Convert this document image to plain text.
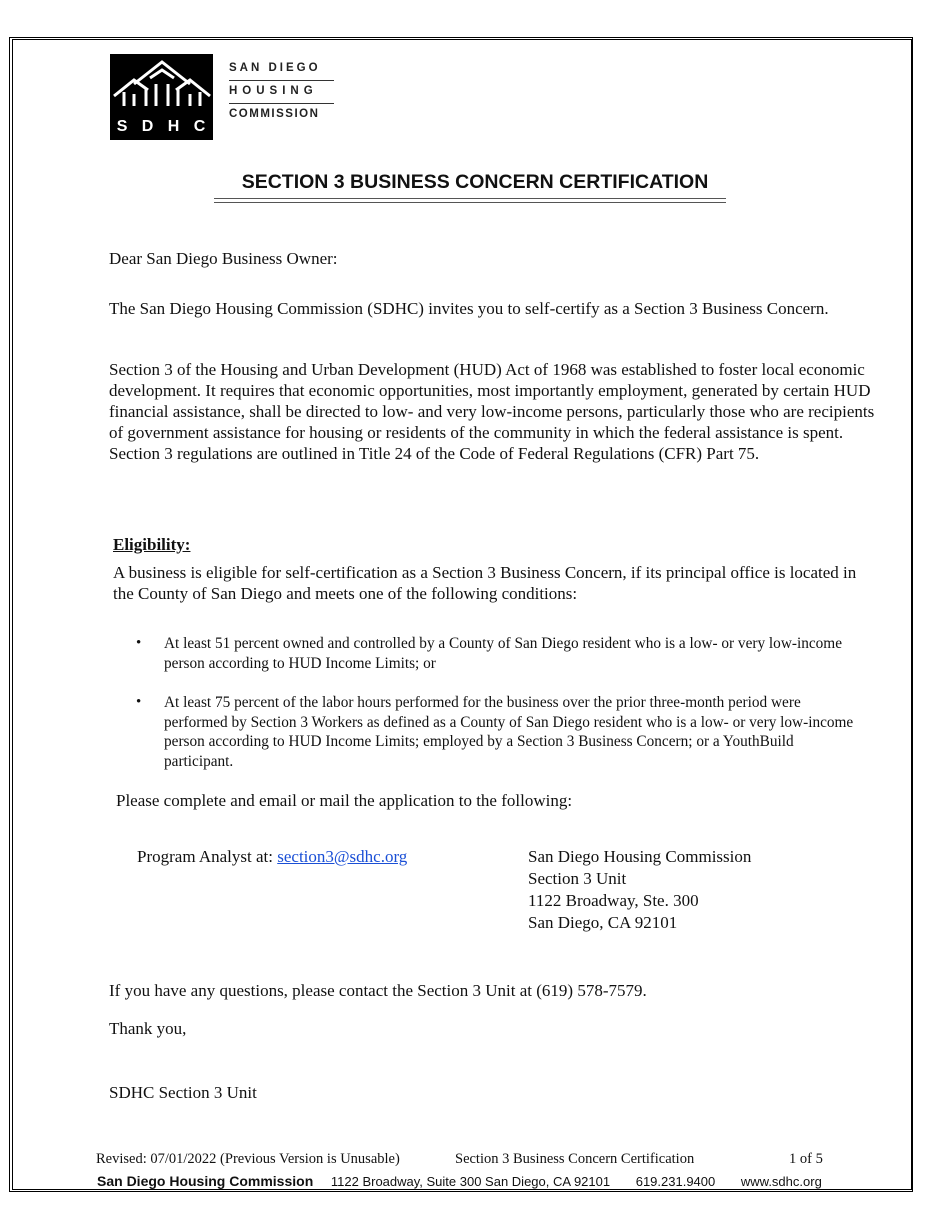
S D H C
SAN DIEGO
HOUSING
COMMISSION
SECTION 3 BUSINESS CONCERN CERTIFICATION
Dear San Diego Business Owner:
The San Diego Housing Commission (SDHC) invites you to self-certify as a Section 3 Business Concern.
Section 3 of the Housing and Urban Development (HUD) Act of 1968 was established to foster local economic development. It requires that economic opportunities, most importantly employment, generated by certain HUD financial assistance, shall be directed to low- and very low-income persons, particularly those who are recipients of government assistance for housing or residents of the community in which the federal assistance is spent. Section 3 regulations are outlined in Title 24 of the Code of Federal Regulations (CFR) Part 75.
Eligibility:
A business is eligible for self-certification as a Section 3 Business Concern, if its principal office is located in the County of San Diego and meets one of the following conditions:
• At least 51 percent owned and controlled by a County of San Diego resident who is a low- or very low-income person according to HUD Income Limits; or
• At least 75 percent of the labor hours performed for the business over the prior three-month period were performed by Section 3 Workers as defined as a County of San Diego resident who is a low- or very low-income person according to HUD Income Limits; employed by a Section 3 Business Concern; or a YouthBuild participant.
Please complete and email or mail the application to the following:
Program Analyst at: section3@sdhc.org	San Diego Housing Commission
Section 3 Unit
1122 Broadway, Ste. 300
San Diego, CA 92101
If you have any questions, please contact the Section 3 Unit at (619) 578-7579.
Thank you,
SDHC Section 3 Unit
Revised: 07/01/2022 (Previous Version is Unusable)	Section 3 Business Concern Certification	1 of 5
San Diego Housing Commission 1122 Broadway, Suite 300 San Diego, CA 92101 619.231.9400 www.sdhc.org
